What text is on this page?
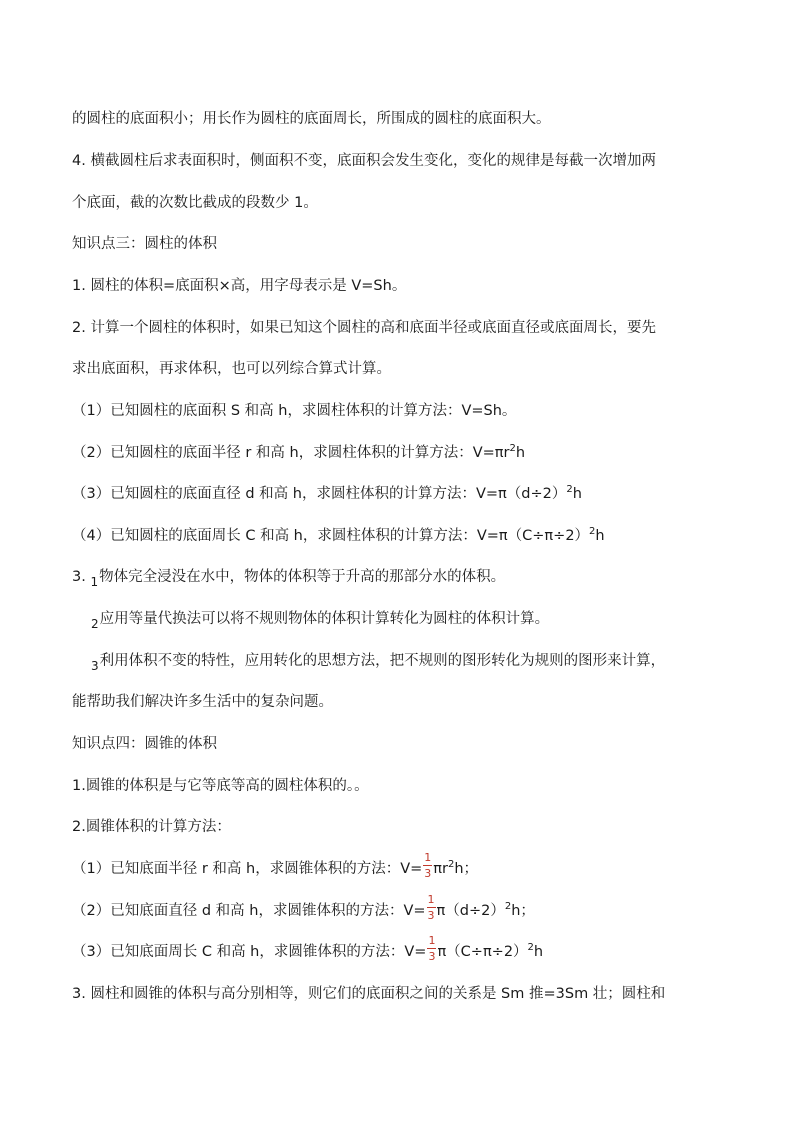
的圆柱的底面积小；用长作为圆柱的底面周长，所围成的圆柱的底面积大。
4. 横截圆柱后求表面积时，侧面积不变，底面积会发生变化，变化的规律是每截一次增加两
个底面，截的次数比截成的段数少 1。
知识点三：圆柱的体积
1. 圆柱的体积=底面积×高，用字母表示是 V=Sh。
2. 计算一个圆柱的体积时，如果已知这个圆柱的高和底面半径或底面直径或底面周长，要先
求出底面积，再求体积，也可以列综合算式计算。
（1）已知圆柱的底面积 S 和高 h，求圆柱体积的计算方法：V=Sh。
（2）已知圆柱的底面半径 r 和高 h，求圆柱体积的计算方法：$V=\pi r^2h$
（3）已知圆柱的底面直径 d 和高 h，求圆柱体积的计算方法：$V=\pi(d\div 2)^2h$
（4）已知圆柱的底面周长 C 和高 h，求圆柱体积的计算方法：$V=\pi(C\div\pi\div 2)^2h$
3. 1物体完全浸没在水中，物体的体积等于升高的那部分水的体积。
2应用等量代换法可以将不规则物体的体积计算转化为圆柱的体积计算。
3利用体积不变的特性，应用转化的思想方法，把不规则的图形转化为规则的图形来计算，
能帮助我们解决许多生活中的复杂问题。
知识点四：圆锥的体积
1.圆锥的体积是与它等底等高的圆柱体积的。。
2.圆锥体积的计算方法：
（1）已知底面半径 r 和高 h，求圆锥体积的方法：$V= \frac{1}{3} \pi r^2h$；
（2）已知底面直径 d 和高 h，求圆锥体积的方法：$V= \frac{1}{3} \pi(d\div 2)^2h$；
（3）已知底面周长 C 和高 h，求圆锥体积的方法：$V= \frac{1}{3} \pi(C\div\pi\div 2)^2h$
3. 圆柱和圆锥的体积与高分别相等，则它们的底面积之间的关系是 Sm 推=3Sm 壮；圆柱和
